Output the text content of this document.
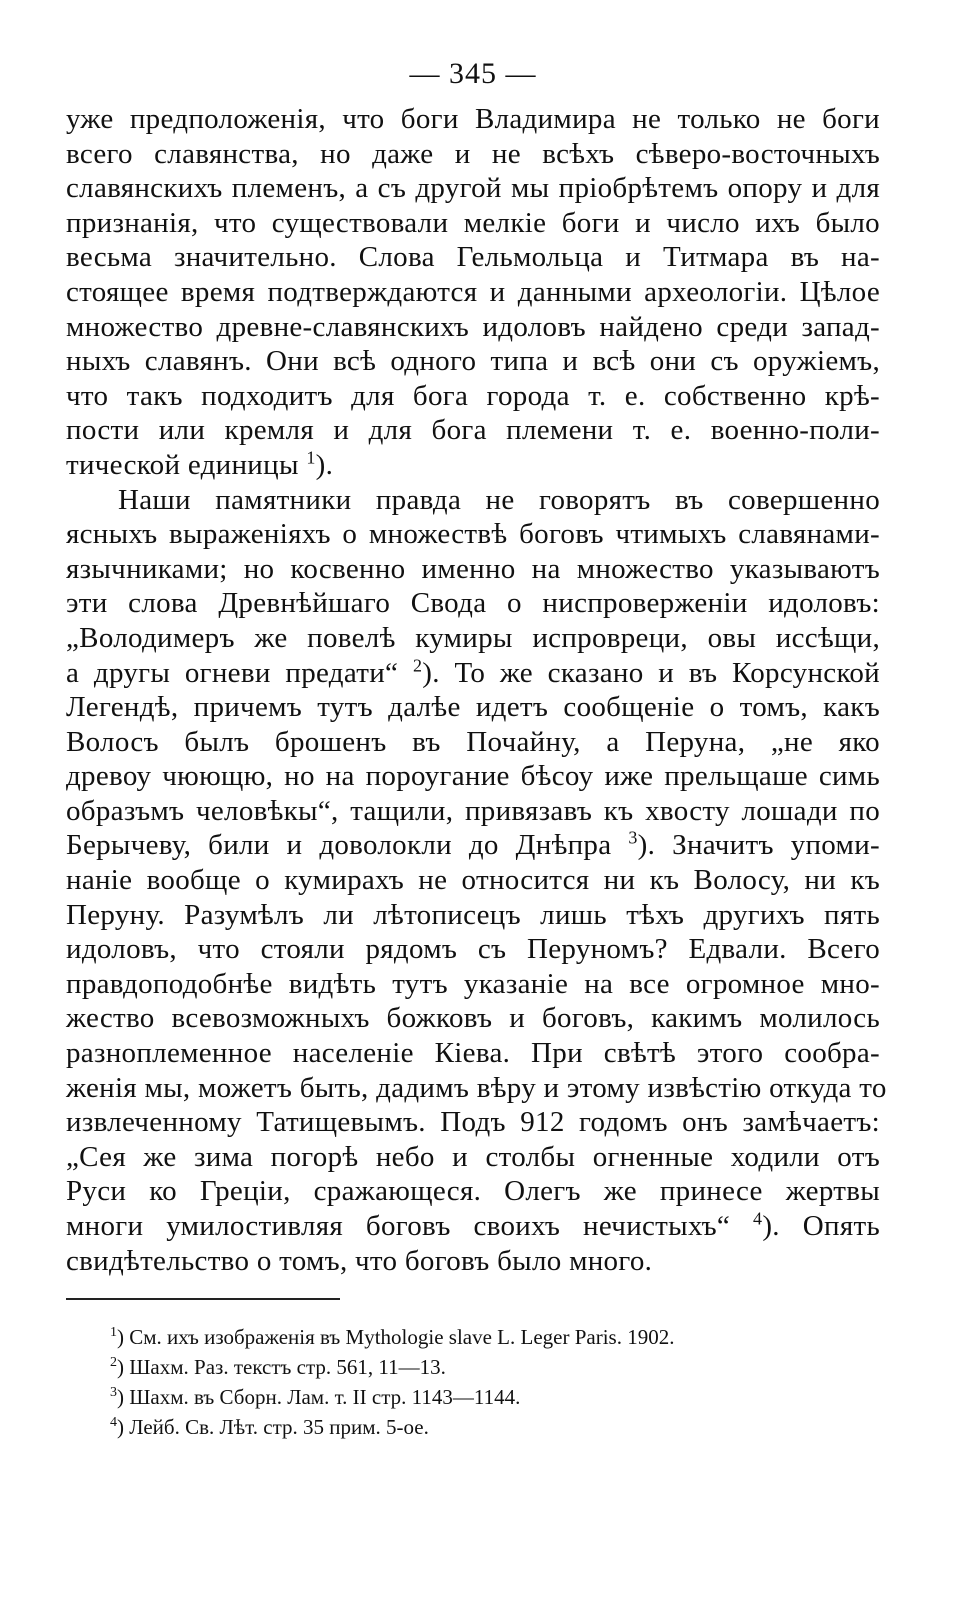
— 345 —

уже предположенія, что боги Владимира не только не боги
всего славянства, но даже и не всѣхъ сѣверо-восточныхъ
славянскихъ племенъ, а съ другой мы пріобрѣтемъ опору и для
признанія, что существовали мелкіе боги и число ихъ было
весьма значительно. Слова Гельмольца и Титмара въ на-
стоящее время подтверждаются и данными археологіи. Цѣлое
множество древне-славянскихъ идоловъ найдено среди запад-
ныхъ славянъ. Они всѣ одного типа и всѣ они съ оружіемъ,
что такъ подходитъ для бога города т. е. собственно крѣ-
пости или кремля и для бога племени т. е. военно-поли-
тической единицы $^1$).

Наши памятники правда не говорятъ въ совершенно
ясныхъ выраженіяхъ о множествѣ боговъ чтимыхъ славянами-
язычниками; но косвенно именно на множество указываютъ
эти слова Древнѣйшаго Свода о ниспроверженіи идоловъ:
„Володимеръ же повелѣ кумиры испровреци, овы иссѣщи,
а другы огневи предати“ $^2$). То же сказано и въ Корсунской
Легендѣ, причемъ тутъ далѣе идетъ сообщеніе о томъ, какъ
Волосъ былъ брошенъ въ Почайну, а Перуна, „не яко
древоу чюющю, но на пороугание бѣсоу иже прельщаше симь
образъмъ человѣкы“, тащили, привязавъ къ хвосту лошади по
Берычеву, били и доволокли до Днѣпра $^3$). Значитъ упоми-
наніе вообще о кумирахъ не относится ни къ Волосу, ни къ
Перуну. Разумѣлъ ли лѣтописецъ лишь тѣхъ другихъ пять
идоловъ, что стояли рядомъ съ Перуномъ? Едвали. Всего
правдоподобнѣе видѣть тутъ указаніе на все огромное мно-
жество всевозможныхъ божковъ и боговъ, какимъ молилось
разноплеменное населеніе Кіева. При свѣтѣ этого сообра-
женія мы, можетъ быть, дадимъ вѣру и этому извѣстію откуда то
извлеченному Татищевымъ. Подъ 912 годомъ онъ замѣчаетъ:
„Сея же зима погорѣ небо и столбы огненные ходили отъ
Руси ко Греціи, сражающеся. Олегъ же принесе жертвы
многи умилостивляя боговъ своихъ нечистыхъ“ $^4$). Опять
свидѣтельство о томъ, что боговъ было много.

$^1$) См. ихъ изображенія въ Mythologie slave L. Leger Paris. 1902.
$^2$) Шахм. Раз. текстъ стр. 561, 11—13.
$^3$) Шахм. въ Сборн. Лам. т. II стр. 1143—1144.
$^4$) Лейб. Св. Лѣт. стр. 35 прим. 5-ое.
